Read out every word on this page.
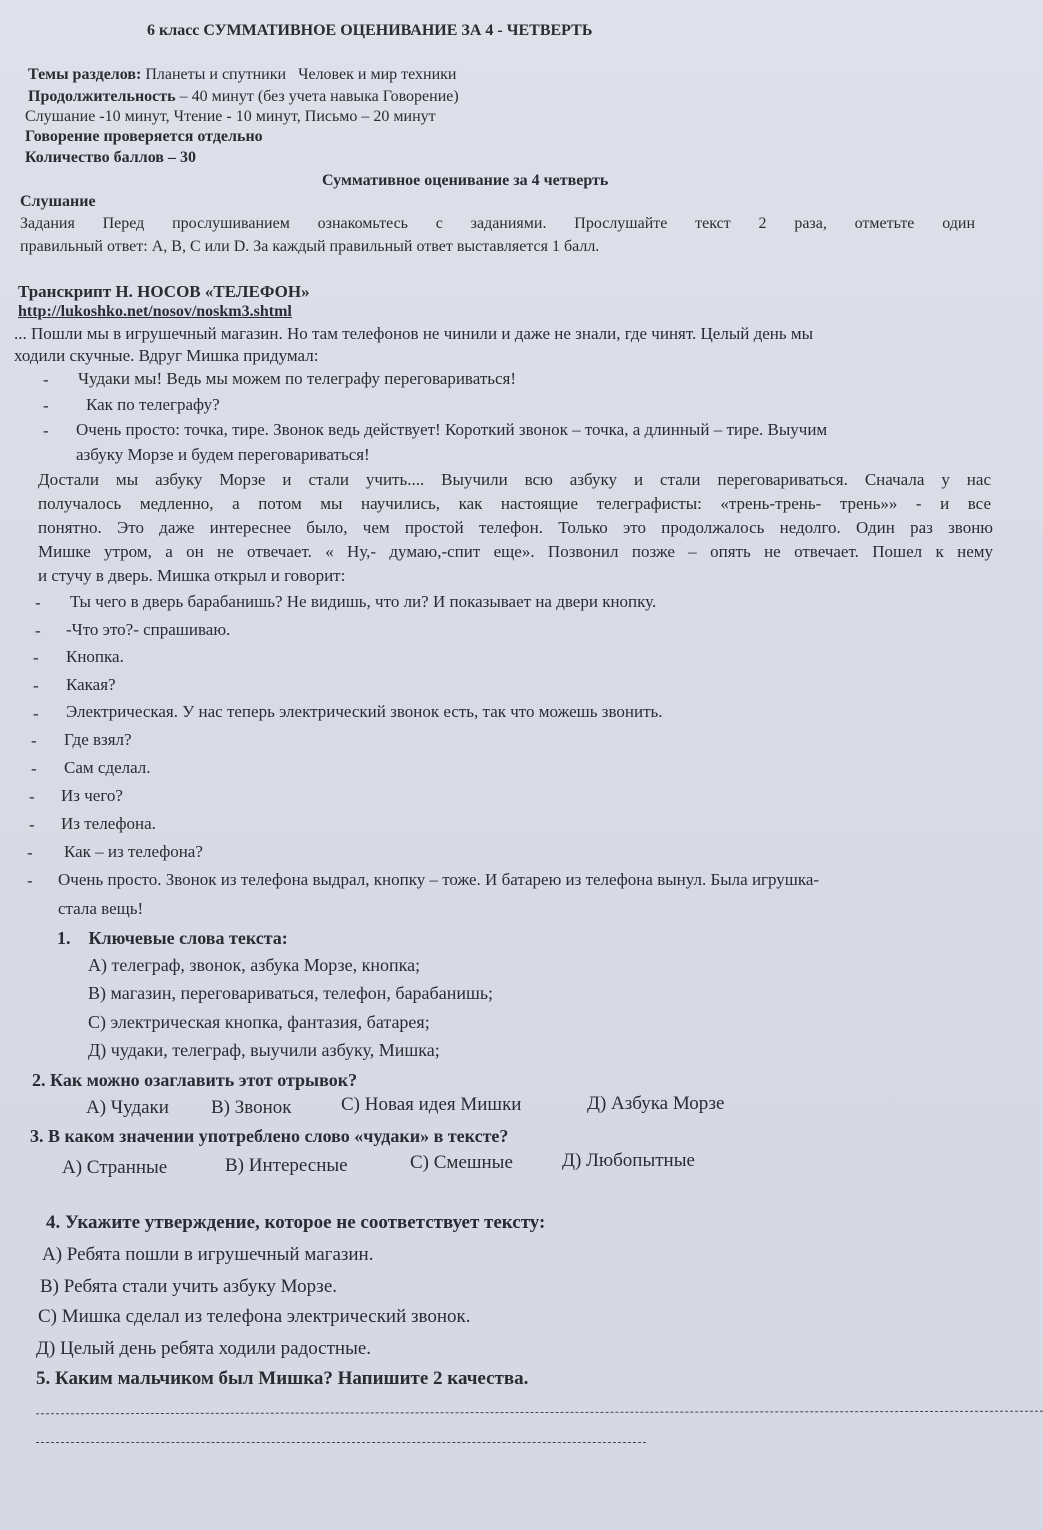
6 класс СУММАТИВНОЕ ОЦЕНИВАНИЕ ЗА 4 - ЧЕТВЕРТЬ
Темы разделов: Планеты и спутники   Человек и мир техники
Продолжительность – 40 минут (без учета навыка Говорение)
Слушание -10 минут, Чтение - 10 минут, Письмо – 20 минут
Говорение проверяется отдельно
Количество баллов – 30
Суммативное оценивание за 4 четверть
Слушание
Задания Перед прослушиванием ознакомьтесь с заданиями. Прослушайте текст 2 раза, отметьте один
правильный ответ: А, В, С или D. За каждый правильный ответ выставляется 1 балл.
Транскрипт Н. НОСОВ «ТЕЛЕФОН»
http://lukoshko.net/nosov/noskm3.shtml
... Пошли мы в игрушечный магазин. Но там телефонов не чинили и даже не знали, где чинят. Целый день мы
ходили скучные. Вдруг Мишка придумал:
- Чудаки мы! Ведь мы можем по телеграфу переговариваться!
- Как по телеграфу?
- Очень просто: точка, тире. Звонок ведь действует! Короткий звонок – точка, а длинный – тире. Выучим
азбуку Морзе и будем переговариваться!
Достали мы азбуку Морзе и стали учить.... Выучили всю азбуку и стали переговариваться. Сначала у нас
получалось медленно, а потом мы научились, как настоящие телеграфисты: «трень-трень- трень»» - и все
понятно. Это даже интереснее было, чем простой телефон. Только это продолжалось недолго. Один раз звоню
Мишке утром, а он не отвечает. « Ну,- думаю,-спит еще». Позвонил позже – опять не отвечает. Пошел к нему
и стучу в дверь. Мишка открыл и говорит:
- Ты чего в дверь барабанишь? Не видишь, что ли? И показывает на двери кнопку.
- -Что это?- спрашиваю.
- Кнопка.
- Какая?
- Электрическая. У нас теперь электрический звонок есть, так что можешь звонить.
- Где взял?
- Сам сделал.
- Из чего?
- Из телефона.
- Как – из телефона?
- Очень просто. Звонок из телефона выдрал, кнопку – тоже. И батарею из телефона вынул. Была игрушка-
стала вещь!
1. Ключевые слова текста:
А) телеграф, звонок, азбука Морзе, кнопка;
В) магазин, переговариваться, телефон, барабанишь;
С) электрическая кнопка, фантазия, батарея;
Д) чудаки, телеграф, выучили азбуку, Мишка;
2. Как можно озаглавить этот отрывок?
А) Чудаки В) Звонок	С) Новая идея Мишки	Д) Азбука Морзе
3. В каком значении употреблено слово «чудаки» в тексте?
А) Странные	В) Интересные	С) Смешные	Д) Любопытные
4. Укажите утверждение, которое не соответствует тексту:
А) Ребята пошли в игрушечный магазин.
В) Ребята стали учить азбуку Морзе.
С) Мишка сделал из телефона электрический звонок.
Д) Целый день ребята ходили радостные.
5. Каким мальчиком был Мишка? Напишите 2 качества.
